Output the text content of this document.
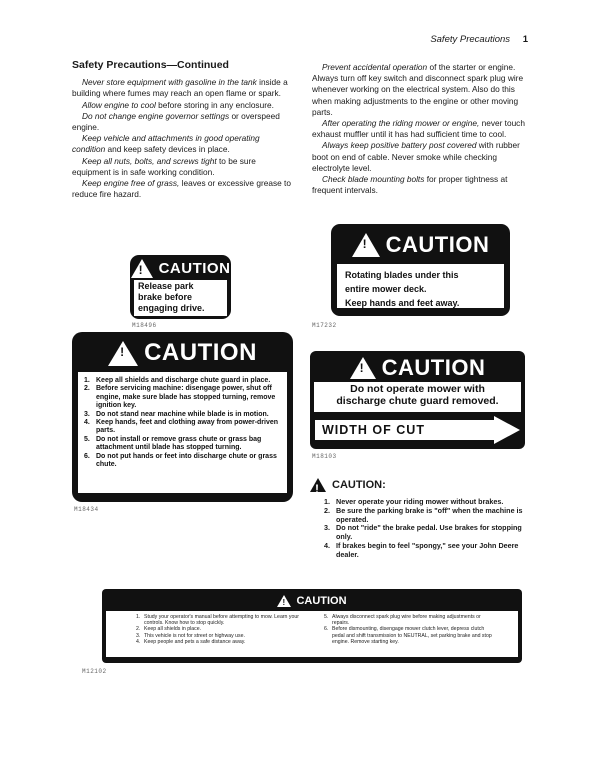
Safety Precautions 1
Safety Precautions—Continued

Never store equipment with gasoline in the tank inside a building where fumes may reach an open flame or spark.

Allow engine to cool before storing in any enclosure.

Do not change engine governor settings or overspeed engine.

Keep vehicle and attachments in good operating condition and keep safety devices in place.

Keep all nuts, bolts, and screws tight to be sure equipment is in safe working condition.

Keep engine free of grass, leaves or excessive grease to reduce fire hazard.

Prevent accidental operation of the starter or engine. Always turn off key switch and disconnect spark plug wire whenever working on the electrical system. Also do this when making adjustments to the engine or other moving parts.

After operating the riding mower or engine, never touch exhaust muffler until it has had sufficient time to cool.

Always keep positive battery post covered with rubber boot on end of cable. Never smoke while checking electrolyte level.

Check blade mounting bolts for proper tightness at frequent intervals.

!
CAUTION
Release park
brake before
engaging drive.
M18496
!
CAUTION
Rotating blades under this
entire mower deck.
Keep hands and feet away.
M17232
!
CAUTION
1. Keep all shields and discharge chute guard in place.
2. Before servicing machine: disengage power, shut off engine, make sure blade has stopped turning, remove ignition key.
3. Do not stand near machine while blade is in motion.
4. Keep hands, feet and clothing away from power-driven parts.
5. Do not install or remove grass chute or grass bag attachment until blade has stopped turning.
6. Do not put hands or feet into discharge chute or grass chute.
M18434
!
CAUTION
Do not operate mower with
discharge chute guard removed.
WIDTH OF CUT
M18103
!
CAUTION:
1. Never operate your riding mower without brakes.
2. Be sure the parking brake is "off" when the machine is operated.
3. Do not "ride" the brake pedal. Use brakes for stopping only.
4. If brakes begin to feel "spongy," see your John Deere dealer.
!
CAUTION
1. Study your operator's manual before attempting to mow. Learn your controls. Know how to stop quickly.
2. Keep all shields in place.
3. This vehicle is not for street or highway use.
4. Keep people and pets a safe distance away.
5. Always disconnect spark plug wire before making adjustments or repairs.
6. Before dismounting, disengage mower clutch lever, depress clutch pedal and shift transmission to NEUTRAL, set parking brake and stop engine. Remove starting key.
M12102
